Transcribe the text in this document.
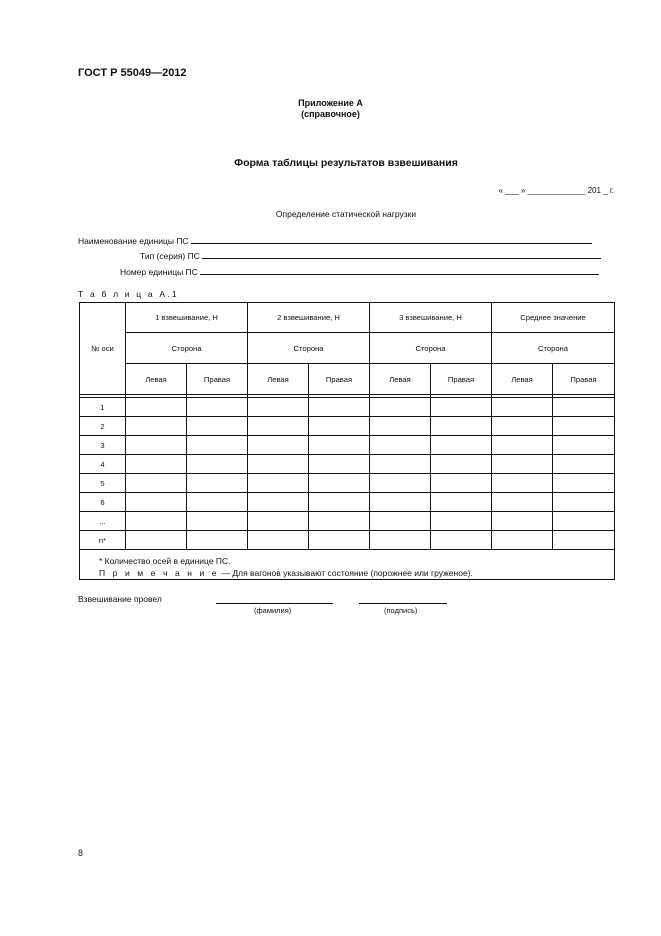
ГОСТ Р 55049—2012
Приложение А
(справочное)
Форма таблицы результатов взвешивания
« ___ » _____________ 201 _ г.
Определение статической нагрузки
Наименование единицы ПС
Тип (серия) ПС
Номер единицы ПС
Т а б л и ц а А.1
№ оси	1 взвешивание, Н		2 взвешивание, Н		3 взвешивание, Н		Среднее значение	
	Сторона		Сторона		Сторона		Сторона	
	Левая	Правая	Левая	Правая	Левая	Правая	Левая	Правая

1								
2								
3								
4								
5								
6								
...								
n*								

* Количество осей в единице ПС.
П р и м е ч а н и е — Для вагонов указывают состояние (порожнее или груженое).								
Взвешивание провел
(фамилия)	(подпись)
8
